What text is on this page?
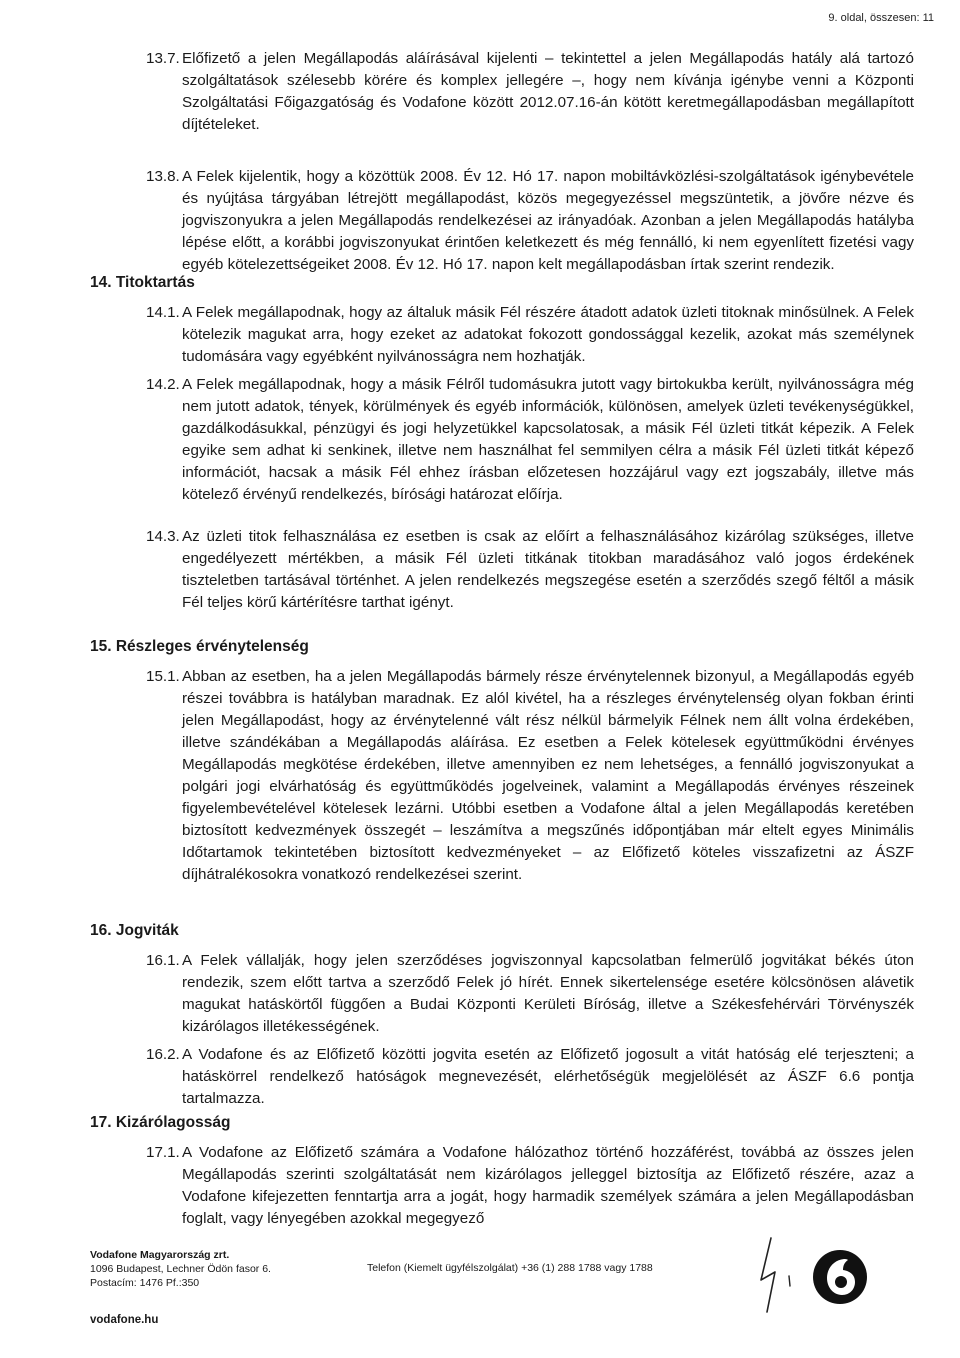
9. oldal, összesen: 11
13.7. Előfizető a jelen Megállapodás aláírásával kijelenti – tekintettel a jelen Megállapodás hatály alá tartozó szolgáltatások szélesebb körére és komplex jellegére –, hogy nem kívánja igénybe venni a Központi Szolgáltatási Főigazgatóság és Vodafone között 2012.07.16-án kötött keretmegállapodásban megállapított díjtételeket.
13.8. A Felek kijelentik, hogy a közöttük 2008. Év 12. Hó 17. napon mobiltávközlési-szolgáltatások igénybevétele és nyújtása tárgyában létrejött megállapodást, közös megegyezéssel megszüntetik, a jövőre nézve és jogviszonyukra a jelen Megállapodás rendelkezései az irányadóak. Azonban a jelen Megállapodás hatályba lépése előtt, a korábbi jogviszonyukat érintően keletkezett és még fennálló, ki nem egyenlített fizetési vagy egyéb kötelezettségeiket 2008. Év 12. Hó 17. napon kelt megállapodásban írtak szerint rendezik.
14. Titoktartás
14.1. A Felek megállapodnak, hogy az általuk másik Fél részére átadott adatok üzleti titoknak minősülnek. A Felek kötelezik magukat arra, hogy ezeket az adatokat fokozott gondossággal kezelik, azokat más személynek tudomására vagy egyébként nyilvánosságra nem hozhatják.
14.2. A Felek megállapodnak, hogy a másik Félről tudomásukra jutott vagy birtokukba került, nyilvánosságra még nem jutott adatok, tények, körülmények és egyéb információk, különösen, amelyek üzleti tevékenységükkel, gazdálkodásukkal, pénzügyi és jogi helyzetükkel kapcsolatosak, a másik Fél üzleti titkát képezik. A Felek egyike sem adhat ki senkinek, illetve nem használhat fel semmilyen célra a másik Fél üzleti titkát képező információt, hacsak a másik Fél ehhez írásban előzetesen hozzájárul vagy ezt jogszabály, illetve más kötelező érvényű rendelkezés, bírósági határozat előírja.
14.3. Az üzleti titok felhasználása ez esetben is csak az előírt a felhasználásához kizárólag szükséges, illetve engedélyezett mértékben, a másik Fél üzleti titkának titokban maradásához való jogos érdekének tiszteletben tartásával történhet. A jelen rendelkezés megszegése esetén a szerződés szegő féltől a másik Fél teljes körű kártérítésre tarthat igényt.
15. Részleges érvénytelenség
15.1. Abban az esetben, ha a jelen Megállapodás bármely része érvénytelennek bizonyul, a Megállapodás egyéb részei továbbra is hatályban maradnak. Ez alól kivétel, ha a részleges érvénytelenség olyan fokban érinti jelen Megállapodást, hogy az érvénytelenné vált rész nélkül bármelyik Félnek nem állt volna érdekében, illetve szándékában a Megállapodás aláírása. Ez esetben a Felek kötelesek együttműködni érvényes Megállapodás megkötése érdekében, illetve amennyiben ez nem lehetséges, a fennálló jogviszonyukat a polgári jogi elvárhatóság és együttműködés jogelveinek, valamint a Megállapodás érvényes részeinek figyelembevételével kötelesek lezárni. Utóbbi esetben a Vodafone által a jelen Megállapodás keretében biztosított kedvezmények összegét – leszámítva a megszűnés időpontjában már eltelt egyes Minimális Időtartamok tekintetében biztosított kedvezményeket – az Előfizető köteles visszafizetni az ÁSZF díjhátralékosokra vonatkozó rendelkezései szerint.
16. Jogviták
16.1. A Felek vállalják, hogy jelen szerződéses jogviszonnyal kapcsolatban felmerülő jogvitákat békés úton rendezik, szem előtt tartva a szerződő Felek jó hírét. Ennek sikertelensége esetére kölcsönösen alávetik magukat hatáskörtől függően a Budai Központi Kerületi Bíróság, illetve a Székesfehérvári Törvényszék kizárólagos illetékességének.
16.2. A Vodafone és az Előfizető közötti jogvita esetén az Előfizető jogosult a vitát hatóság elé terjeszteni; a hatáskörrel rendelkező hatóságok megnevezését, elérhetőségük megjelölését az ÁSZF 6.6 pontja tartalmazza.
17. Kizárólagosság
17.1. A Vodafone az Előfizető számára a Vodafone hálózathoz történő hozzáférést, továbbá az összes jelen Megállapodás szerinti szolgáltatását nem kizárólagos jelleggel biztosítja az Előfizető részére, azaz a Vodafone kifejezetten fenntartja arra a jogát, hogy harmadik személyek számára a jelen Megállapodásban foglalt, vagy lényegében azokkal megegyező
Vodafone Magyarország zrt.
1096 Budapest, Lechner Ödön fasor 6.
Postacím: 1476 Pf.:350
Telefon (Kiemelt ügyfélszolgálat) +36 (1) 288 1788 vagy 1788
vodafone.hu
